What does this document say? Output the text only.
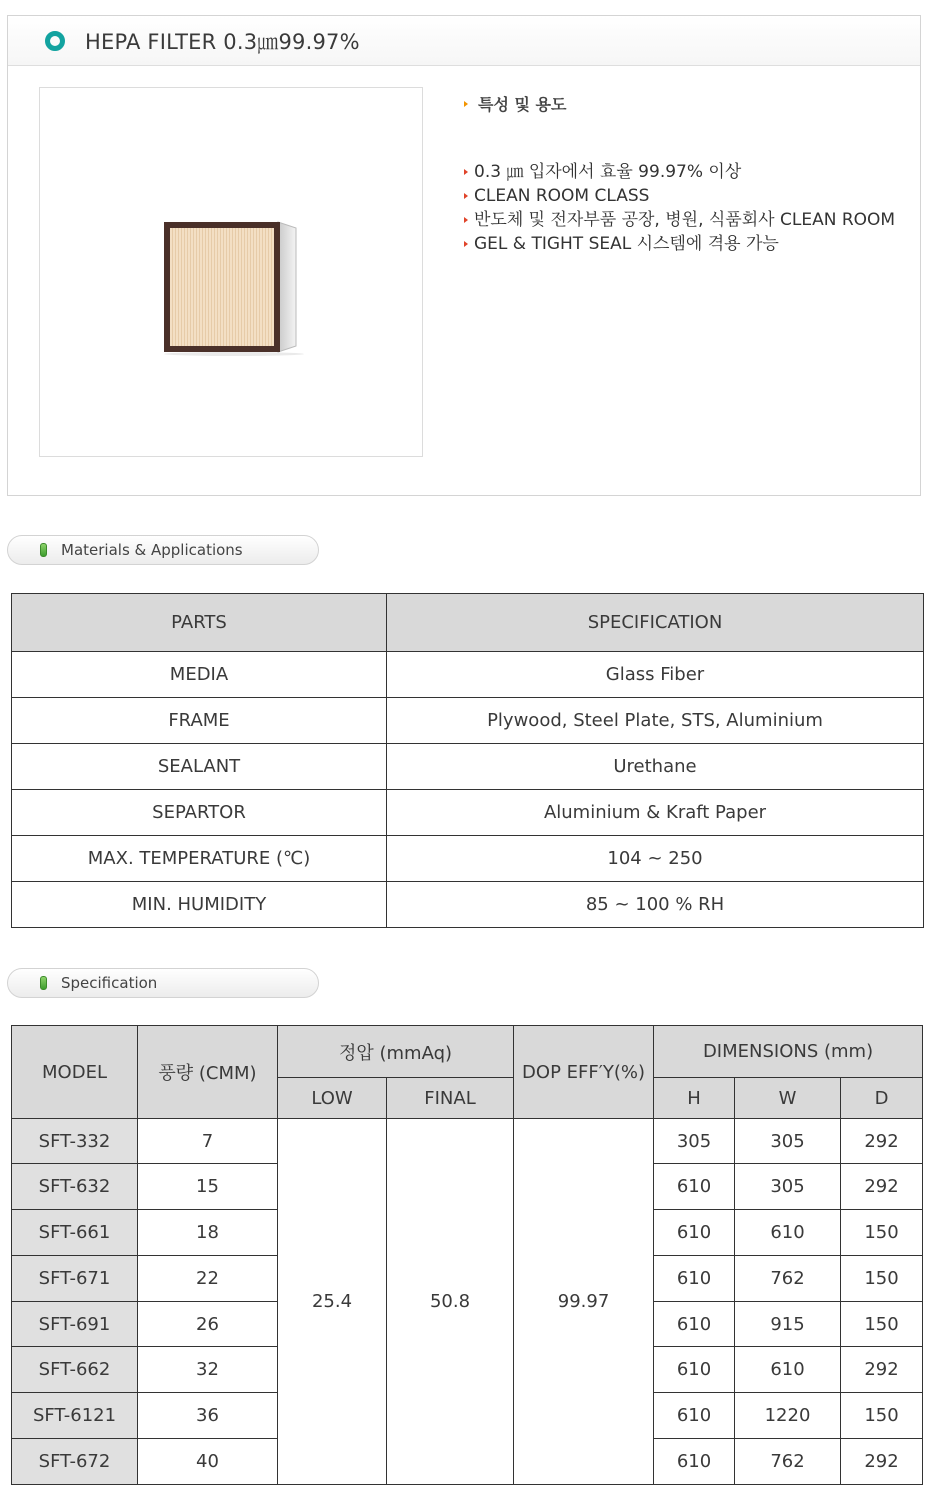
HEPA FILTER 0.3㎛99.97%
특성 및 용도
0.3 ㎛ 입자에서 효율 99.97% 이상
CLEAN ROOM CLASS
반도체 및 전자부품 공장, 병원, 식품회사 CLEAN ROOM
GEL & TIGHT SEAL 시스템에 격용 가능
Materials & Applications
PARTS	SPECIFICATION
MEDIA	Glass Fiber
FRAME	Plywood, Steel Plate, STS, Aluminium
SEALANT	Urethane
SEPARTOR	Aluminium & Kraft Paper
MAX. TEMPERATURE (℃)	104 ~ 250
MIN. HUMIDITY	85 ~ 100 % RH
Specification
MODEL	풍량 (CMM)	정압 (mmAq)		DOP EFF′Y(%)	DIMENSIONS (mm)		
		LOW	FINAL		H	W	D
SFT-332	7	25.4	50.8	99.97	305	305	292
SFT-632	15				610	305	292
SFT-661	18				610	610	150
SFT-671	22				610	762	150
SFT-691	26				610	915	150
SFT-662	32				610	610	292
SFT-6121	36				610	1220	150
SFT-672	40				610	762	292
